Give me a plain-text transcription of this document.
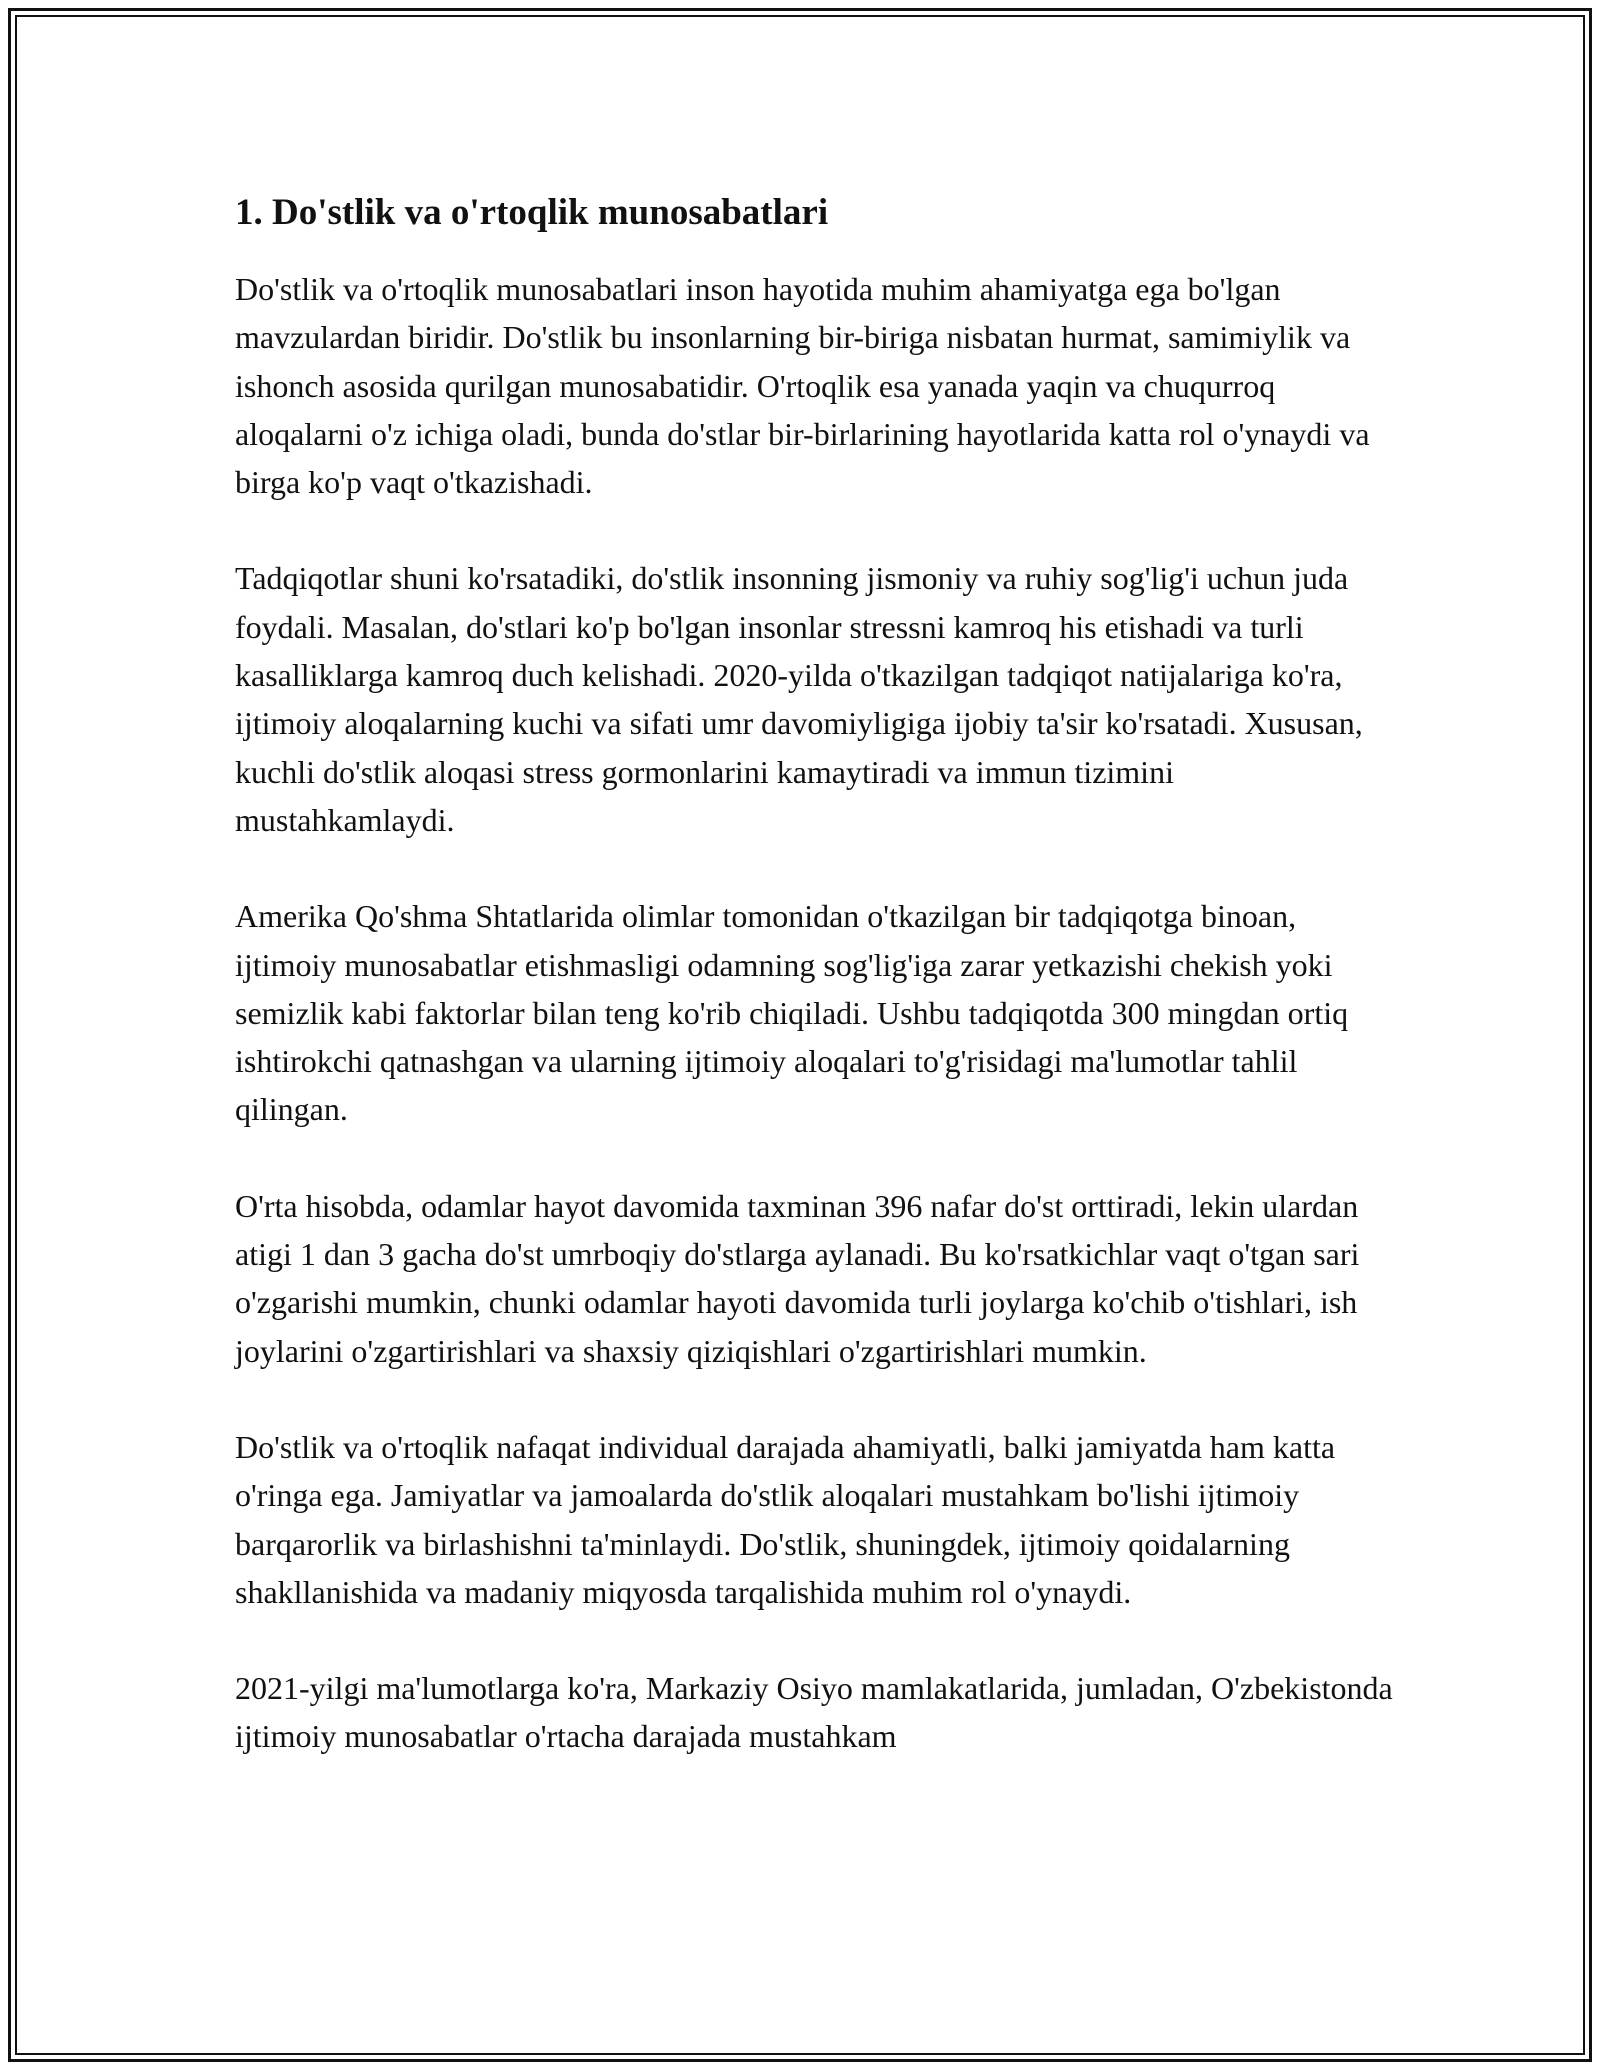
1. Do'stlik va o'rtoqlik munosabatlari

Do'stlik va o'rtoqlik munosabatlari inson hayotida muhim ahamiyatga ega bo'lgan mavzulardan biridir. Do'stlik bu insonlarning bir-biriga nisbatan hurmat, samimiylik va ishonch asosida qurilgan munosabatidir. O'rtoqlik esa yanada yaqin va chuqurroq aloqalarni o'z ichiga oladi, bunda do'stlar bir-birlarining hayotlarida katta rol o'ynaydi va birga ko'p vaqt o'tkazishadi.

Tadqiqotlar shuni ko'rsatadiki, do'stlik insonning jismoniy va ruhiy sog'lig'i uchun juda foydali. Masalan, do'stlari ko'p bo'lgan insonlar stressni kamroq his etishadi va turli kasalliklarga kamroq duch kelishadi. 2020-yilda o'tkazilgan tadqiqot natijalariga ko'ra, ijtimoiy aloqalarning kuchi va sifati umr davomiyligiga ijobiy ta'sir ko'rsatadi. Xususan, kuchli do'stlik aloqasi stress gormonlarini kamaytiradi va immun tizimini mustahkamlaydi.

Amerika Qo'shma Shtatlarida olimlar tomonidan o'tkazilgan bir tadqiqotga binoan, ijtimoiy munosabatlar etishmasligi odamning sog'lig'iga zarar yetkazishi chekish yoki semizlik kabi faktorlar bilan teng ko'rib chiqiladi. Ushbu tadqiqotda 300 mingdan ortiq ishtirokchi qatnashgan va ularning ijtimoiy aloqalari to'g'risidagi ma'lumotlar tahlil qilingan.

O'rta hisobda, odamlar hayot davomida taxminan 396 nafar do'st orttiradi, lekin ulardan atigi 1 dan 3 gacha do'st umrboqiy do'stlarga aylanadi. Bu ko'rsatkichlar vaqt o'tgan sari o'zgarishi mumkin, chunki odamlar hayoti davomida turli joylarga ko'chib o'tishlari, ish joylarini o'zgartirishlari va shaxsiy qiziqishlari o'zgartirishlari mumkin.

Do'stlik va o'rtoqlik nafaqat individual darajada ahamiyatli, balki jamiyatda ham katta o'ringa ega. Jamiyatlar va jamoalarda do'stlik aloqalari mustahkam bo'lishi ijtimoiy barqarorlik va birlashishni ta'minlaydi. Do'stlik, shuningdek, ijtimoiy qoidalarning shakllanishida va madaniy miqyosda tarqalishida muhim rol o'ynaydi.

2021-yilgi ma'lumotlarga ko'ra, Markaziy Osiyo mamlakatlarida, jumladan, O'zbekistonda ijtimoiy munosabatlar o'rtacha darajada mustahkam
